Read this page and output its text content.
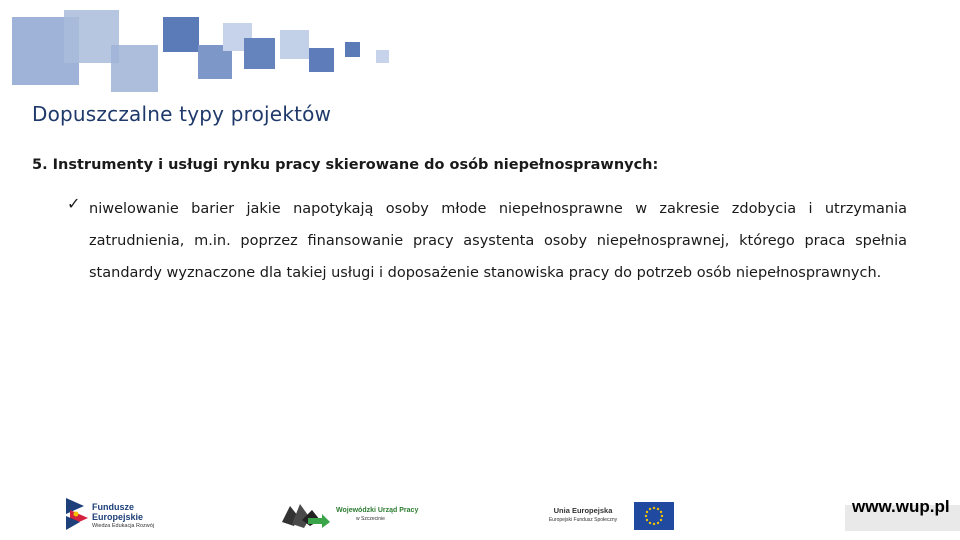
Dopuszczalne typy projektów
5. Instrumenty i usługi rynku pracy skierowane do osób niepełnosprawnych:
✓ niwelowanie barier jakie napotykają osoby młode niepełnosprawne w zakresie zdobycia i utrzymania zatrudnienia, m.in. poprzez finansowanie pracy asystenta osoby niepełnosprawnej, którego praca spełnia standardy wyznaczone dla takiej usługi i doposażenie stanowiska pracy do potrzeb osób niepełnosprawnych.
Fundusze
Europejskie
Wiedza Edukacja Rozwój
Wojewódzki Urząd Pracy
w Szczecinie
Unia Europejska
Europejski Fundusz Społeczny
www.wup.pl
